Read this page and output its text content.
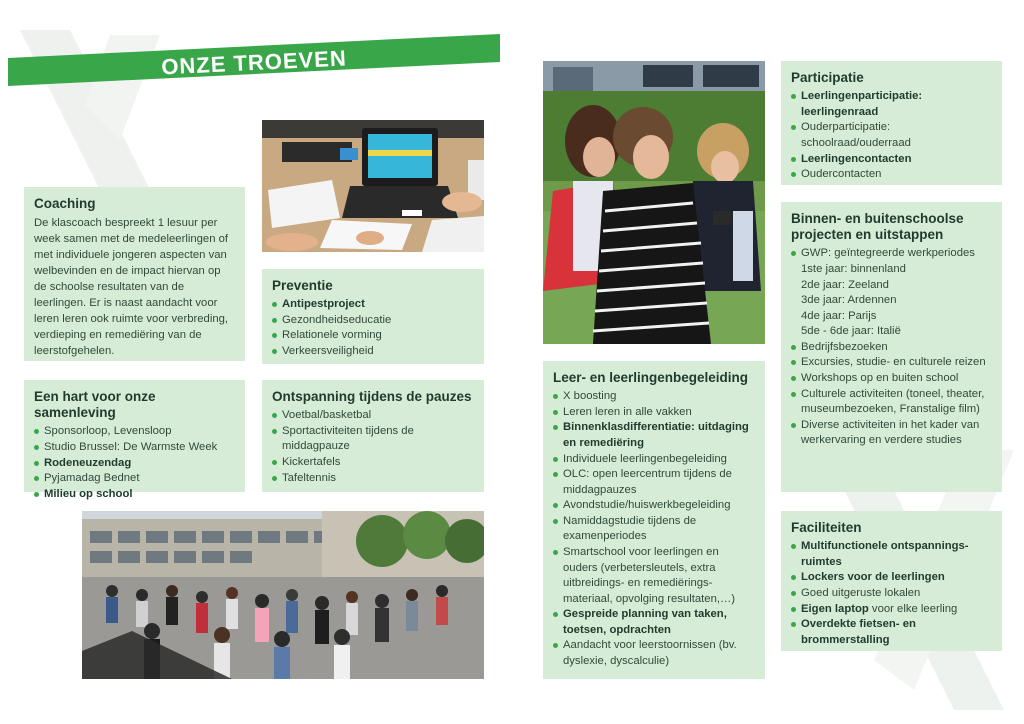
ONZE TROEVEN
Coaching

De klascoach bespreekt 1 lesuur per week samen met de medeleerlingen of met individuele jongeren aspecten van welbevinden en de impact hiervan op de schoolse resultaten van de leerlingen. Er is naast aandacht voor leren leren ook ruimte voor verbreding, verdieping en remediëring van de leerstofgehelen.

Preventie
Antipestproject
Gezondheidseducatie
Relationele vorming
Verkeersveiligheid
Een hart voor onze samenleving
Sponsorloop, Levensloop
Studio Brussel: De Warmste Week
Rodeneuzendag
Pyjamadag Bednet
Milieu op school
Ontspanning tijdens de pauzes
Voetbal/basketbal
Sportactiviteiten tijdens de middagpauze
Kickertafels
Tafeltennis
Leer- en leerlingenbegeleiding
X boosting
Leren leren in alle vakken
Binnenklasdifferentiatie: uitdaging en remediëring
Individuele leerlingenbegeleiding
OLC: open leercentrum tijdens de middagpauzes
Avondstudie/huiswerkbegeleiding
Namiddagstudie tijdens de examenperiodes
Smartschool voor leerlingen en ouders (verbetersleutels, extra uitbreidings- en remediërings-materiaal, opvolging resultaten,…)
Gespreide planning van taken, toetsen, opdrachten
Aandacht voor leerstoornissen (bv. dyslexie, dyscalculie)
Participatie
Leerlingenparticipatie: leerlingenraad
Ouderparticipatie: schoolraad/ouderraad
Leerlingencontacten
Oudercontacten
Binnen- en buitenschoolse projecten en uitstappen
GWP: geïntegreerde werkperiodes
1ste jaar: binnenland
2de jaar: Zeeland
3de jaar: Ardennen
4de jaar: Parijs
5de - 6de jaar: Italië
Bedrijfsbezoeken
Excursies, studie- en culturele reizen
Workshops op en buiten school
Culturele activiteiten (toneel, theater, museumbezoeken, Franstalige film)
Diverse activiteiten in het kader van werkervaring en verdere studies
Faciliteiten
Multifunctionele ontspannings-ruimtes
Lockers voor de leerlingen
Goed uitgeruste lokalen
Eigen laptop voor elke leerling
Overdekte fietsen- en brommerstalling
